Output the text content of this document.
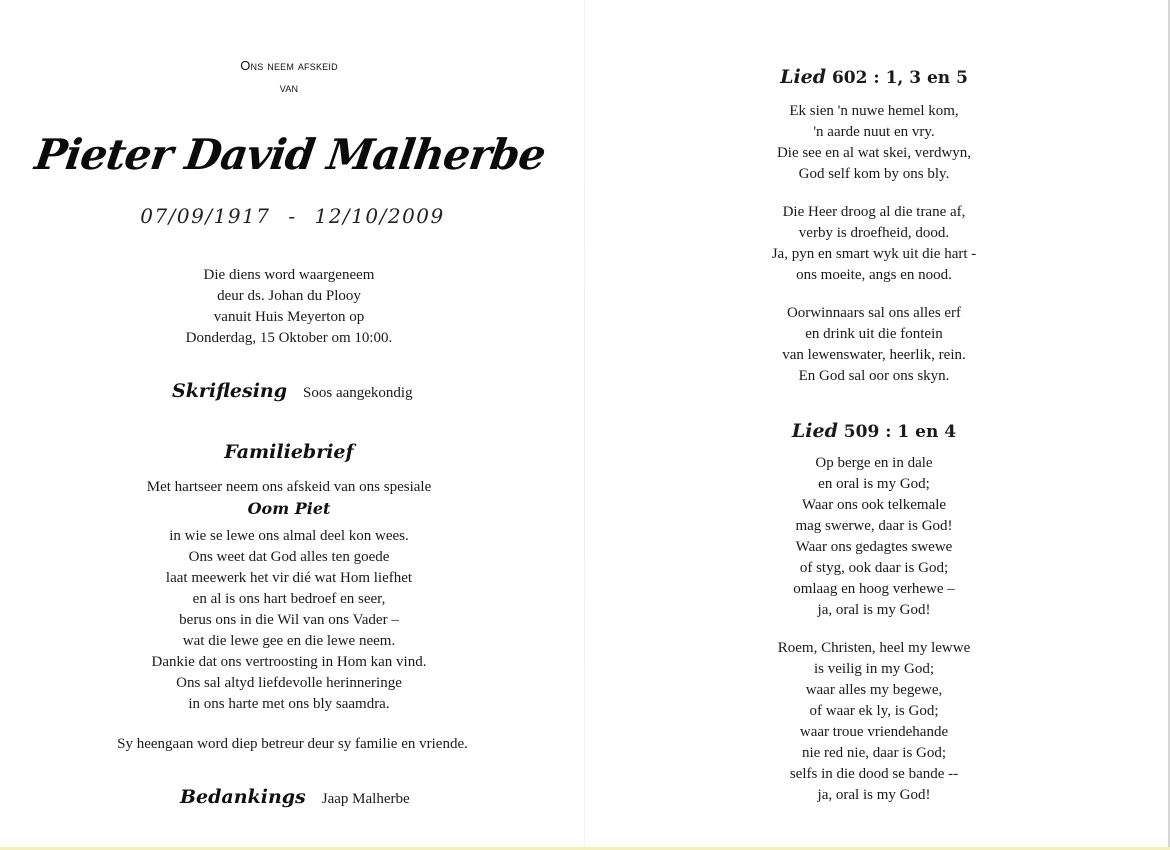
Ons neem afskeid
van
Pieter David Malherbe
07/09/1917 - 12/10/2009
Die diens word waargeneem
deur ds. Johan du Plooy
vanuit Huis Meyerton op
Donderdag, 15 Oktober om 10:00.
Skriflesing Soos aangekondig
Familiebrief
Met hartseer neem ons afskeid van ons spesiale
Oom Piet
in wie se lewe ons almal deel kon wees.
Ons weet dat God alles ten goede
laat meewerk het vir dié wat Hom liefhet
en al is ons hart bedroef en seer,
berus ons in die Wil van ons Vader –
wat die lewe gee en die lewe neem.
Dankie dat ons vertroosting in Hom kan vind.
Ons sal altyd liefdevolle herinneringe
in ons harte met ons bly saamdra.
Sy heengaan word diep betreur deur sy familie en vriende.
Bedankings Jaap Malherbe
Lied 602 : 1, 3 en 5
Ek sien 'n nuwe hemel kom,
'n aarde nuut en vry.
Die see en al wat skei, verdwyn,
God self kom by ons bly.
Die Heer droog al die trane af,
verby is droefheid, dood.
Ja, pyn en smart wyk uit die hart -
ons moeite, angs en nood.
Oorwinnaars sal ons alles erf
en drink uit die fontein
van lewenswater, heerlik, rein.
En God sal oor ons skyn.
Lied 509 : 1 en 4
Op berge en in dale
en oral is my God;
Waar ons ook telkemale
mag swerwe, daar is God!
Waar ons gedagtes swewe
of styg, ook daar is God;
omlaag en hoog verhewe –
ja, oral is my God!
Roem, Christen, heel my lewwe
is veilig in my God;
waar alles my begewe,
of waar ek ly, is God;
waar troue vriendehande
nie red nie, daar is God;
selfs in die dood se bande --
ja, oral is my God!
